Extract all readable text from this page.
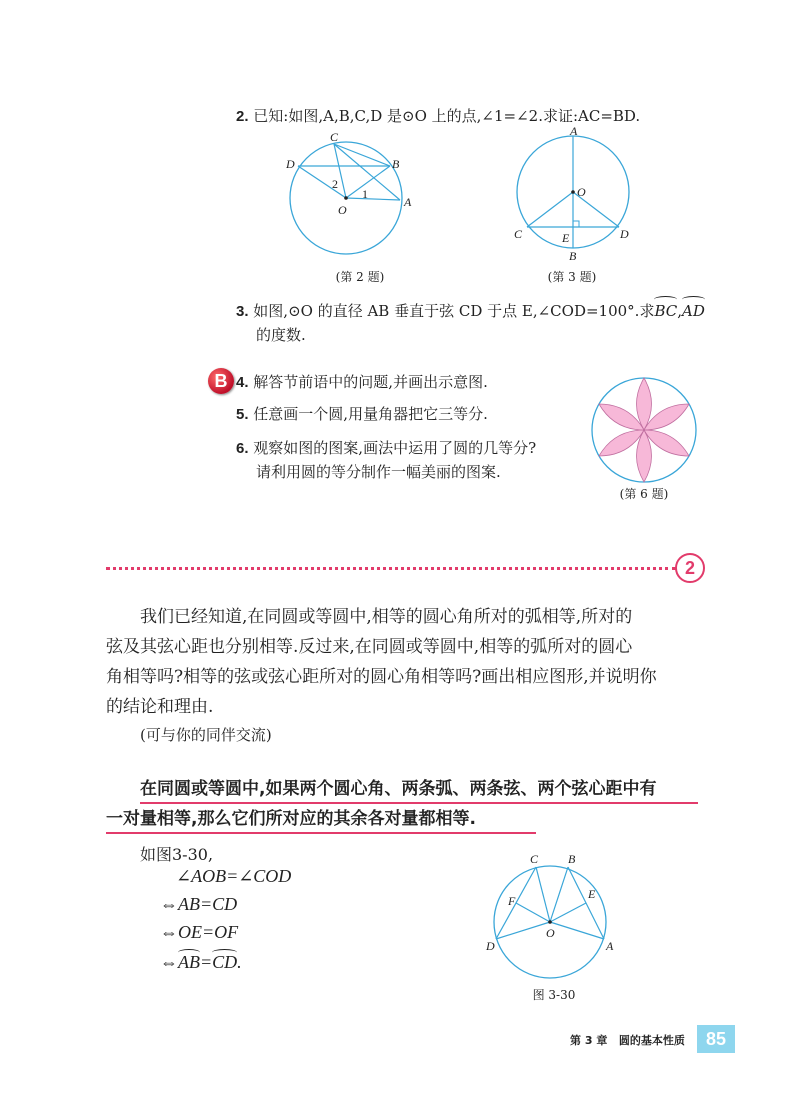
2. 已知:如图,A,B,C,D 是⊙O 上的点,∠1=∠2.求证:AC=BD.
C
D	B
A
O
1
2
(第 2 题)
A
O
C	E	D
B
(第 3 题)
3. 如图,⊙O 的直径 AB 垂直于弦 CD 于点 E,∠COD=100°.求BC,AD
的度数.
B 4. 解答节前语中的问题,并画出示意图.
5. 任意画一个圆,用量角器把它三等分.
6. 观察如图的图案,画法中运用了圆的几等分?
请利用圆的等分制作一幅美丽的图案.
(第 6 题)
2
我们已经知道,在同圆或等圆中,相等的圆心角所对的弧相等,所对的
弦及其弦心距也分别相等.反过来,在同圆或等圆中,相等的弧所对的圆心
角相等吗?相等的弦或弦心距所对的圆心角相等吗?画出相应图形,并说明你
的结论和理由.
(可与你的同伴交流)
在同圆或等圆中,如果两个圆心角、两条弧、两条弦、两个弦心距中有
一对量相等,那么它们所对应的其余各对量都相等.
如图3-30,
∠AOB=∠COD
⇔AB=CD
⇔OE=OF
⇔AB=CD.
C B
F	E
O
D	A
图 3-30
第 3 章 圆的基本性质	85
